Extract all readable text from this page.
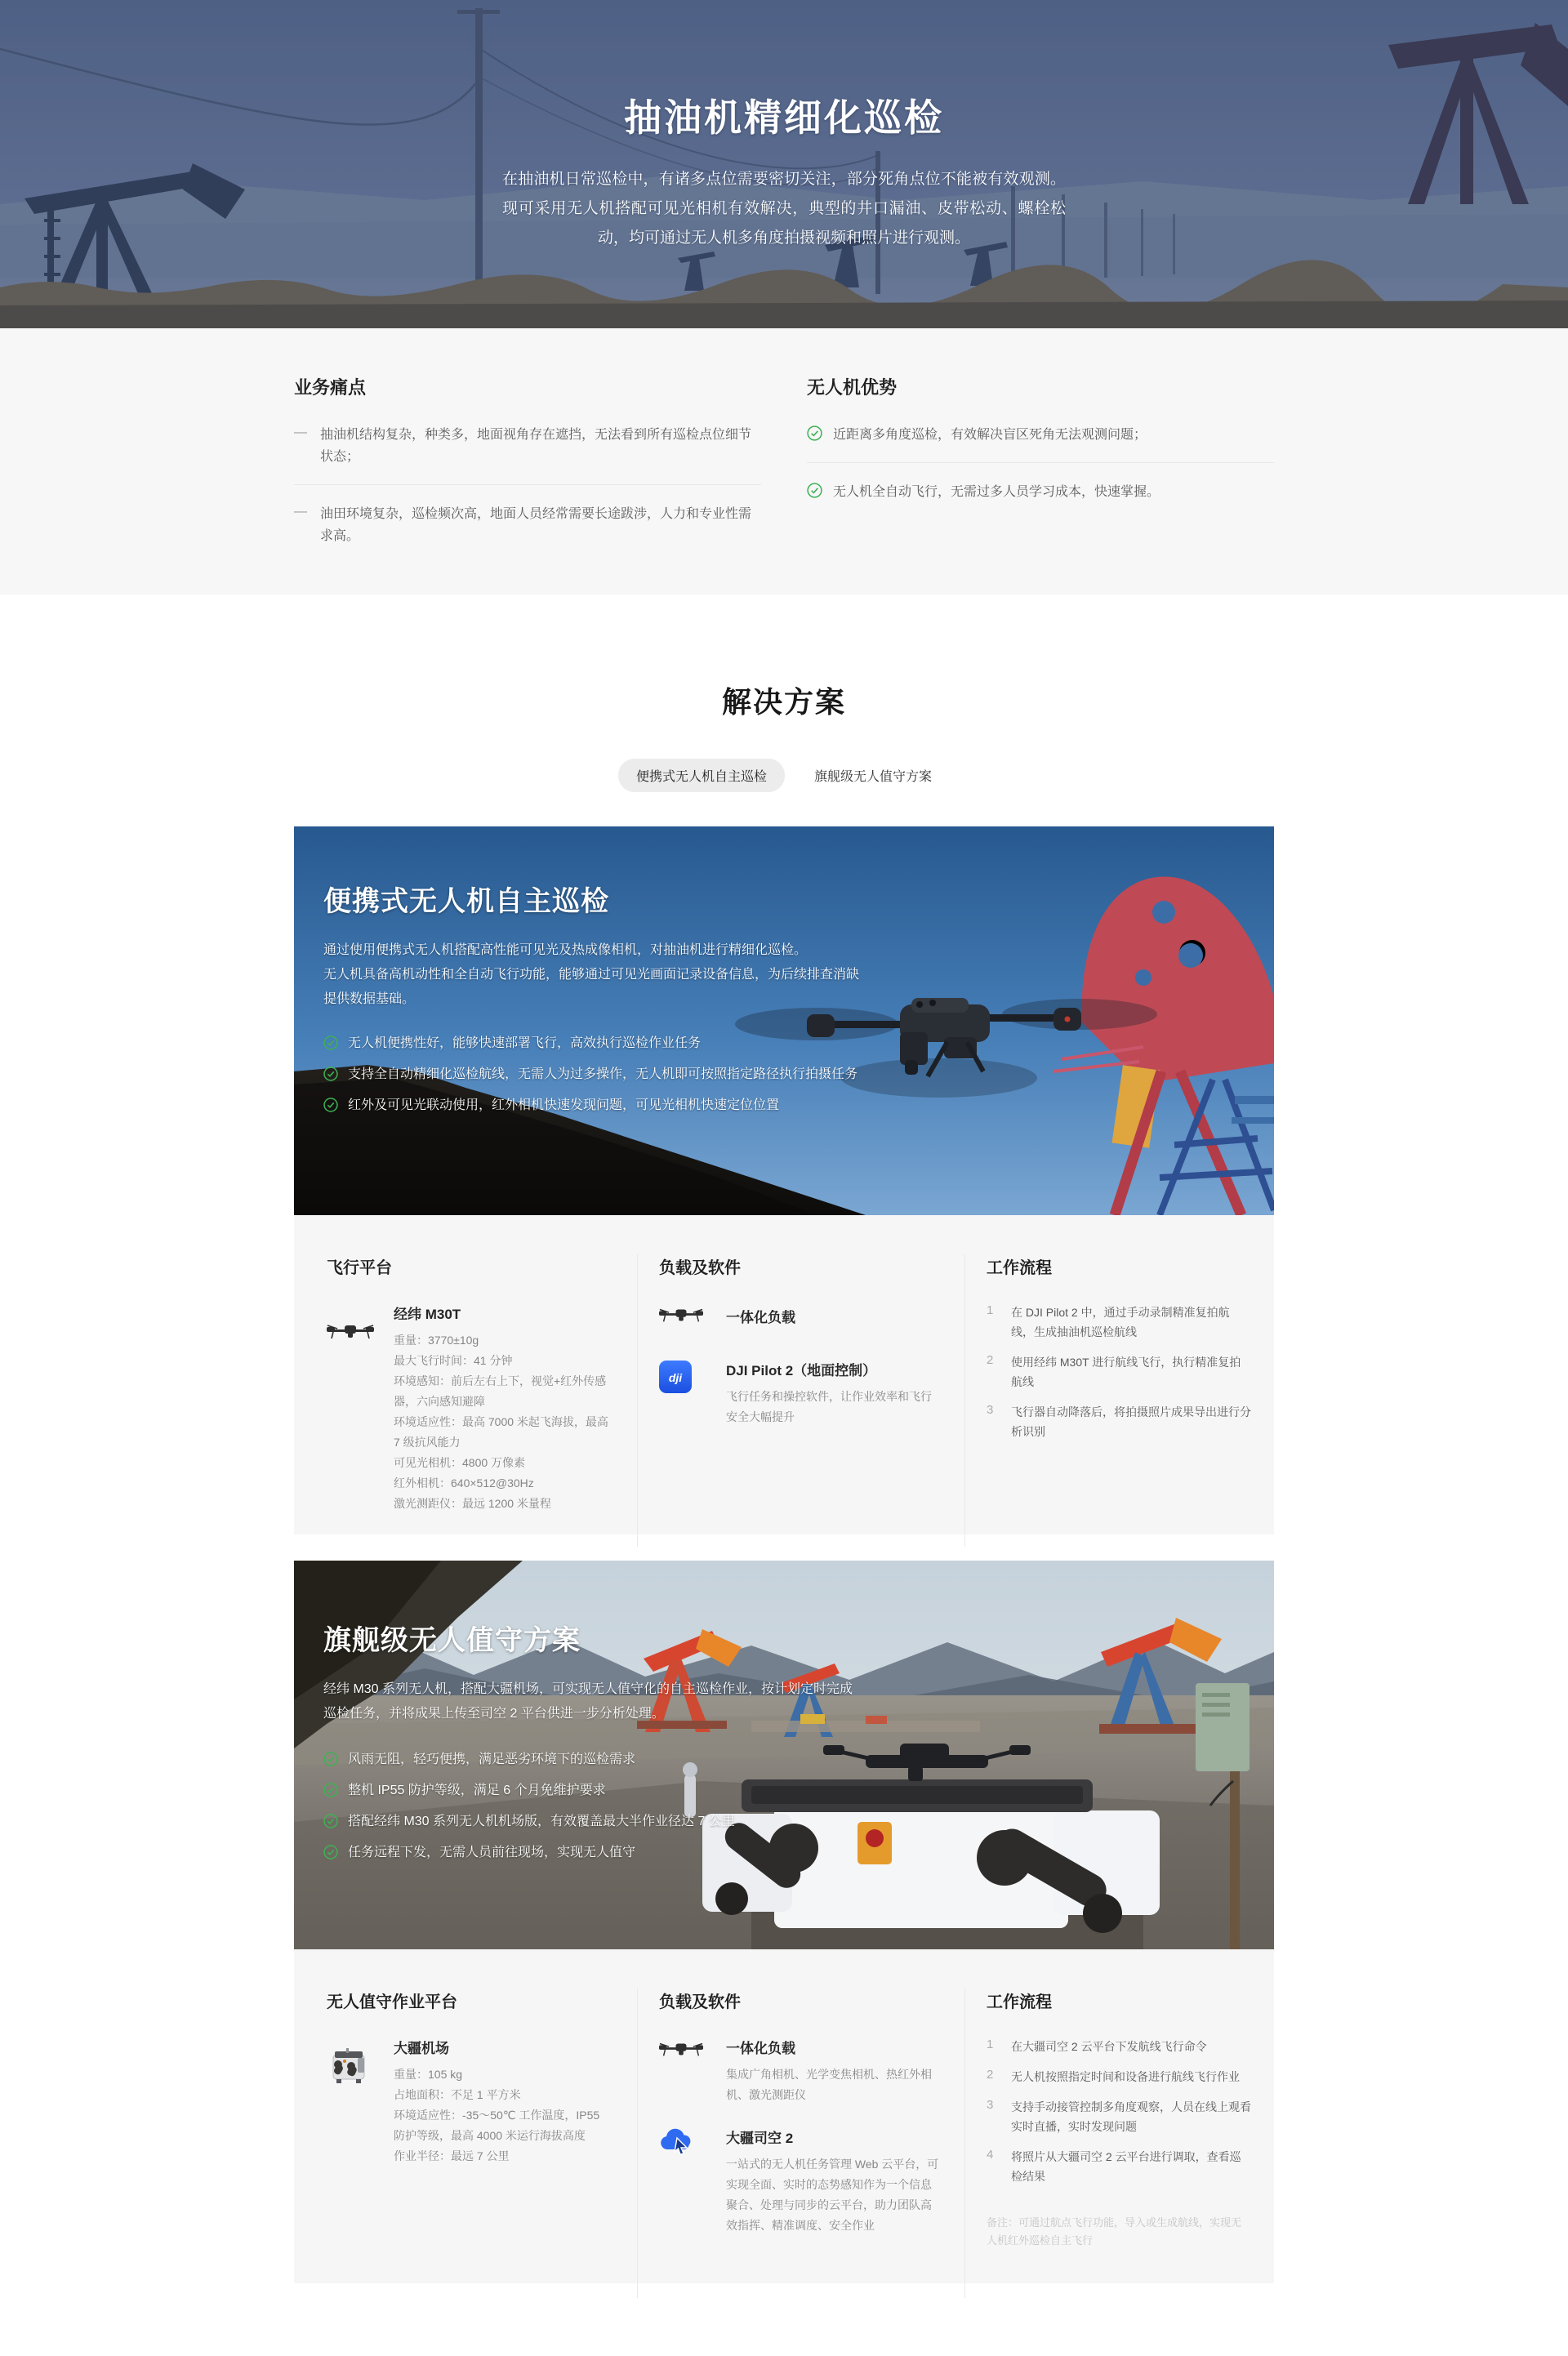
抽油机精细化巡检

在抽油机日常巡检中，有诸多点位需要密切关注，部分死角点位不能被有效观测。现可采用无人机搭配可见光相机有效解决，典型的井口漏油、皮带松动、螺栓松动，均可通过无人机多角度拍摄视频和照片进行观测。

业务痛点
—	抽油机结构复杂，种类多，地面视角存在遮挡，无法看到所有巡检点位细节状态；
—	油田环境复杂，巡检频次高，地面人员经常需要长途跋涉，人力和专业性需求高。
无人机优势
近距离多角度巡检，有效解决盲区死角无法观测问题；
无人机全自动飞行，无需过多人员学习成本，快速掌握。
解决方案
便携式无人机自主巡检	旗舰级无人值守方案
便携式无人机自主巡检

通过使用便携式无人机搭配高性能可见光及热成像相机，对抽油机进行精细化巡检。
无人机具备高机动性和全自动飞行功能，能够通过可见光画面记录设备信息，为后续排查消缺提供数据基础。

无人机便携性好，能够快速部署飞行，高效执行巡检作业任务
支持全自动精细化巡检航线，无需人为过多操作，无人机即可按照指定路径执行拍摄任务
红外及可见光联动使用，红外相机快速发现问题，可见光相机快速定位位置
飞行平台
经纬 M30T
重量：3770±10g
最大飞行时间：41 分钟
环境感知：前后左右上下，视觉+红外传感器，六向感知避障
环境适应性：最高 7000 米起飞海拔，最高 7 级抗风能力
可见光相机：4800 万像素
红外相机：640×512@30Hz
激光测距仪：最远 1200 米量程
负载及软件
一体化负载
dji	DJI Pilot 2（地面控制）
飞行任务和操控软件，让作业效率和飞行安全大幅提升
工作流程
1	在 DJI Pilot 2 中，通过手动录制精准复拍航线，生成抽油机巡检航线
2	使用经纬 M30T 进行航线飞行，执行精准复拍航线
3	飞行器自动降落后，将拍摄照片成果导出进行分析识别
旗舰级无人值守方案

经纬 M30 系列无人机，搭配大疆机场，可实现无人值守化的自主巡检作业，按计划定时完成巡检任务，并将成果上传至司空 2 平台供进一步分析处理。

风雨无阻，轻巧便携，满足恶劣环境下的巡检需求
整机 IP55 防护等级，满足 6 个月免维护要求
搭配经纬 M30 系列无人机机场版，有效覆盖最大半作业径达 7 公里
任务远程下发，无需人员前往现场，实现无人值守
无人值守作业平台
大疆机场
重量：105 kg
占地面积：不足 1 平方米
环境适应性：-35～50℃ 工作温度，IP55 防护等级，最高 4000 米运行海拔高度
作业半径：最远 7 公里
负载及软件
一体化负载
集成广角相机、光学变焦相机、热红外相机、激光测距仪
大疆司空 2
一站式的无人机任务管理 Web 云平台，可实现全面、实时的态势感知作为一个信息聚合、处理与同步的云平台，助力团队高效指挥、精准调度、安全作业
工作流程
1	在大疆司空 2 云平台下发航线飞行命令
2	无人机按照指定时间和设备进行航线飞行作业
3	支持手动接管控制多角度观察，人员在线上观看实时直播，实时发现问题
4	将照片从大疆司空 2 云平台进行调取，查看巡检结果
备注：可通过航点飞行功能，导入或生成航线，实现无人机红外巡检自主飞行
